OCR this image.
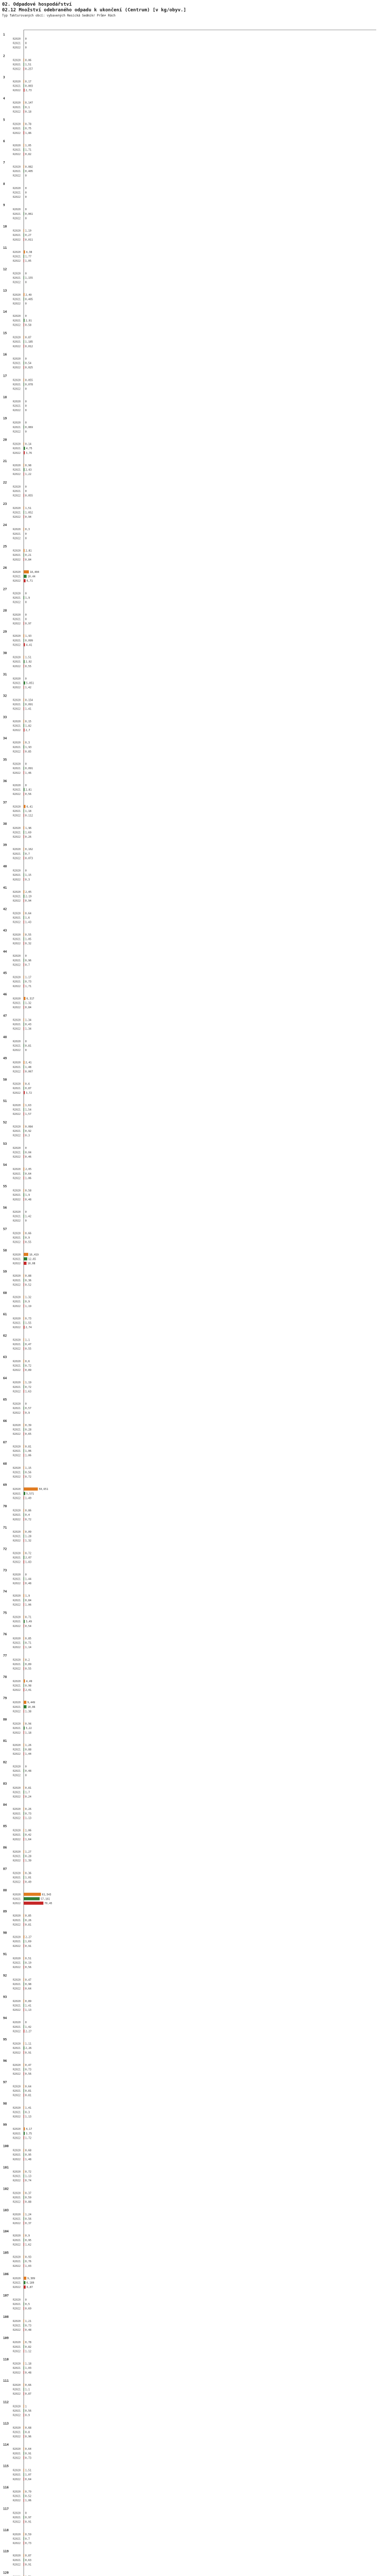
02. Odpadové hospodářství
02.12 Množství odebraného odpadu k ukončení (Centrum) [v kg/obyv.]
Typ fakturovaných obcí: vybavených Resická Sedmikr Prům+ Rách
1
R2020 0
R2021 0
R2022 0
2
R2020 0,06
R2021 1,51
R2022 0,257
3
R2020 0,17
R2021 0,003
R2022 2,73
4
R2020 0,147
R2021 0,1
R2022 0,18
5
R2020 0,78
R2021 0,75
R2022 1,86
6
R2020 1,05
R2021 1,71
R2022 0,82
7
R2020 0,082
R2021 0,405
R2022 0
8
R2020 0
R2021 0
R2022 0
9
R2020 0
R2021 0,061
R2022 0
10
R2020 1,19
R2021 0,27
R2022 0,011
11
R2020 4,38
R2021 1,77
R2022 1,05
12
R2020 0
R2021 1,155
R2022 0
13
R2020 2,49
R2021 0,405
R2022 0
14
R2020 0
R2021 2,91
R2022 0,58
15
R2020 0,87
R2021 1,185
R2022 0,012
16
R2020 0
R2021 0,54
R2022 0,025
17
R2020 0,055
R2021 0,078
R2022 0
18
R2020 0
R2021 0
R2022 0
19
R2020 0
R2021 0,069
R2022 0
20
R2020 0,14
R2021 4,75
R2022 3,76
21
R2020 0,98
R2021 2,63
R2022 1,22
22
R2020 0
R2021 0
R2022 0,055
23
R2020 1,51
R2021 1,052
R2022 0,94
24
R2020 0,3
R2021 0
R2022 0
25
R2020 2,81
R2021 0,21
R2022 0,84
26
R2020	18,404
R2021	10,44
R2022 6,71
27
R2020 0
R2021 1,9
R2022 0
28
R2020 0
R2021 0
R2022 0,97
29
R2020 1,93
R2021 0,099
R2022 4,41
30
R2020 1,51
R2021 2,92
R2022 0,55
31
R2020 0
R2021 5,051
R2022 1,42
32
R2020 0,154
R2021 0,091
R2022 1,41
33
R2020 0,15
R2021 1,82
R2022 2,7
34
R2020 0,3
R2021 1,93
R2022 0,85
35
R2020 0
R2021 0,091
R2022 1,46
36
R2020 0
R2021 2,81
R2022 0,56
37
R2020 6,41
R2021 1,18
R2022 0,112
38
R2020 1,96
R2021 1,69
R2022 0,26
39
R2020 0,162
R2021 0,7
R2022 0,073
40
R2020 0
R2021 1,15
R2022 0,3
41
R2020 2,05
R2021 2,19
R2022 0,94
42
R2020 0,64
R2021 1,6
R2022 1,43
43
R2020 0,55
R2021 1,05
R2022 0,32
44
R2020 0
R2021 0,96
R2022 0,7
45
R2020 1,17
R2021 0,73
R2022 1,71
46
R2020 6,317
R2021 1,32
R2022 0,84
47
R2020 1,34
R2021 0,43
R2022 1,34
48
R2020 0
R2021 0,81
R2022 0
49
R2020 2,41
R2021 1,48
R2022 0,067
50
R2020 0,6
R2021 0,87
R2022 3,72
51
R2020 1,63
R2021 1,54
R2022 1,57
52
R2020 0,084
R2021 0,92
R2022 0,3
53
R2020 0
R2021 0,04
R2022 0,46
54
R2020 2,05
R2021 0,64
R2022 1,06
55
R2020 0,58
R2021 1,9
R2022 0,48
56
R2020 0
R2021 1,42
R2022 0
57
R2020 0,66
R2021 0,9
R2022 0,55
58
R2020	16,419
R2021	12,65
R2022	10,08
59
R2020 0,88
R2021 0,36
R2022 0,52
60
R2020 1,32
R2021 0,9
R2022 1,19
61
R2020 0,73
R2021 1,55
R2022 2,74
62
R2020 1,1
R2021 0,47
R2022 0,55
63
R2020 0,6
R2021 0,72
R2022 0,89
64
R2020 1,19
R2021 0,72
R2022 1,63
65
R2020 0
R2021 0,57
R2022 0,9
66
R2020 0,39
R2021 0,28
R2022 0,65
67
R2020 0,81
R2021 1,06
R2022 1,06
68
R2020 1,15
R2021 0,56
R2022 0,72
69
R2020	50,651
R2021 5,571
R2022 1,49
70
R2020 0,86
R2021 0,4
R2022 0,72
71
R2020 0,09
R2021 1,28
R2022 1,32
72
R2020 0,72
R2021 2,07
R2022 1,83
73
R2020 0
R2021 1,44
R2022 0,48
74
R2020 1,9
R2021 0,84
R2022 1,06
75
R2020 0,71
R2021 3,49
R2022 0,54
76
R2020 0,85
R2021 0,71
R2022 1,14
77
R2020 0,2
R2021 0,89
R2022 0,55
78
R2020 4,49
R2021 0,98
R2022 2,01
79
R2020	9,449
R2021	10,06
R2022 1,38
80
R2020 0,94
R2021 3,22
R2022 1,18
81
R2020 1,26
R2021 0,88
R2022 1,44
82
R2020 0
R2021 0,48
R2022 0
83
R2020 0,81
R2021 1,7
R2022 0,24
84
R2020 0,26
R2021 0,73
R2022 1,13
85
R2020 1,06
R2021 0,42
R2022 1,64
86
R2020 1,27
R2021 0,28
R2022 1,39
87
R2020 0,36
R2021 1,01
R2022 0,49
88
R2020	61,543
R2021	57,161
R2022	70,45
89
R2020 0,85
R2021 0,26
R2022 0,81
90
R2020 2,27
R2021 1,69
R2022 0,91
91
R2020 0,51
R2021 0,19
R2022 0,56
92
R2020 0,47
R2021 0,98
R2022 0,64
93
R2020 0,89
R2021 1,41
R2022 1,13
94
R2020 0
R2021 1,42
R2022 2,27
95
R2020 1,11
R2021 2,26
R2022 0,91
96
R2020 0,47
R2021 0,73
R2022 0,56
97
R2020 0,64
R2021 0,81
R2022 0,81
98
R2020 1,41
R2021 0,3
R2022 1,13
99
R2020 4,17
R2021 3,75
R2022 1,72
100
R2020 0,68
R2021 0,95
R2022 1,48
101
R2020 0,72
R2021 1,13
R2022 0,74
102
R2020 0,37
R2021 0,59
R2022 0,88
103
R2020 1,24
R2021 0,56
R2022 0,37
104
R2020 0,9
R2021 0,95
R2022 1,62
105
R2020 0,93
R2021 0,76
R2022 1,03
106
R2020	9,309
R2021 6,189
R2022 6,87
107
R2020 0
R2021 0,5
R2022 0,69
108
R2020 1,21
R2021 0,73
R2022 0,48
109
R2020 0,78
R2021 0,82
R2022 1,12
110
R2020 1,18
R2021 1,03
R2022 0,48
111
R2020 0,66
R2021 1,1
R2022 0,87
112
R2020 1
R2021 0,56
R2022 0,9
113
R2020 0,68
R2021 0,8
R2022 0,96
114
R2020 0,64
R2021 0,91
R2022 0,73
115
R2020 1,51
R2021 1,07
R2022 0,64
116
R2020 0,79
R2021 0,52
R2022 1,06
117
R2020 0
R2021 0,97
R2022 0,91
118
R2020 0,59
R2021 0,7
R2022 0,73
119
R2020 0,87
R2021 0,63
R2022 0,91
120
